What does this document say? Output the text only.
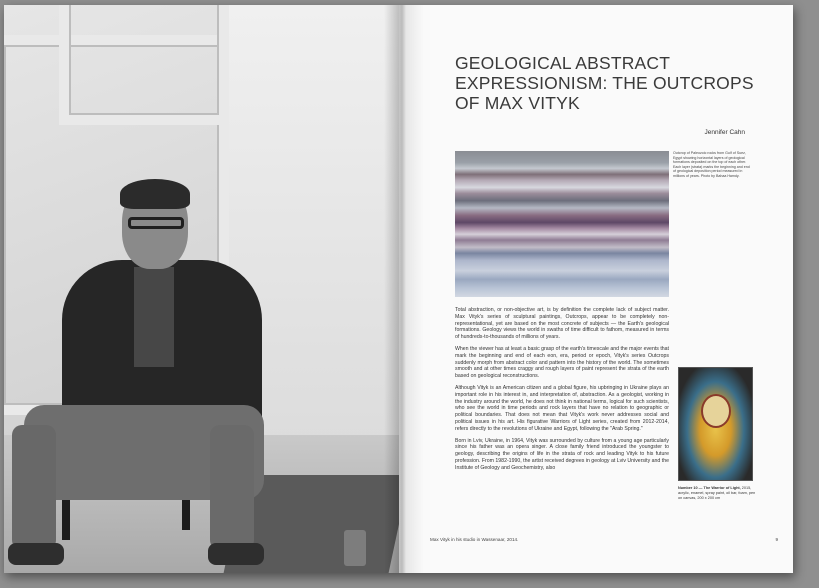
GEOLOGICAL ABSTRACT EXPRESSIONISM: THE OUTCROPS OF MAX VITYK
Jennifer Cahn
Outcrop of Paleozoic rocks from Gulf of Suez, Egypt showing horizontal layers of geological formations deposited on the top of each other. Each layer (strata) marks the beginning and end of geological deposition period measured in millions of years. Photo by Bahaa Hamdy.

Total abstraction, or non-objective art, is by definition the complete lack of subject matter. Max Vityk's series of sculptural paintings, Outcrops, appear to be completely non-representational, yet are based on the most concrete of subjects — the Earth's geological formations. Geology views the world in swaths of time difficult to fathom, measured in terms of hundreds-to-thousands of millions of years.

When the viewer has at least a basic grasp of the earth's timescale and the major events that mark the beginning and end of each eon, era, period or epoch, Vityk's series Outcrops suddenly morph from abstract color and pattern into the history of the world. The sometimes smooth and at other times craggy and rough layers of paint represent the strata of the earth based on geological reconstructions.

Although Vityk is an American citizen and a global figure, his upbringing in Ukraine plays an important role in his interest in, and interpretation of, abstraction. As a geologist, working in the industry around the world, he does not think in national terms, logical for such scientists, who see the world in time periods and rock layers that have no relation to geographic or political boundaries. That does not mean that Vityk's work never addresses social and political issues in his art. His figurative Warriors of Light series, created from 2012-2014, refers directly to the revolutions of Ukraine and Egypt, following the "Arab Spring."

Born in Lviv, Ukraine, in 1964, Vityk was surrounded by culture from a young age particularly since his father was an opera singer. A close family friend introduced the youngster to geology, describing the origins of life in the strata of rock and leading Vityk to his future profession. From 1982-1990, the artist received degrees in geology at Lviv University and the Institute of Geology and Geochemistry, also

Number 10 — The Warrior of Light, 2015, acrylic, enamel, spray paint, oil bar, foam, pen on canvas, 200 x 200 cm
Max Vityk in his studio in Wassenaar, 2014.	9
